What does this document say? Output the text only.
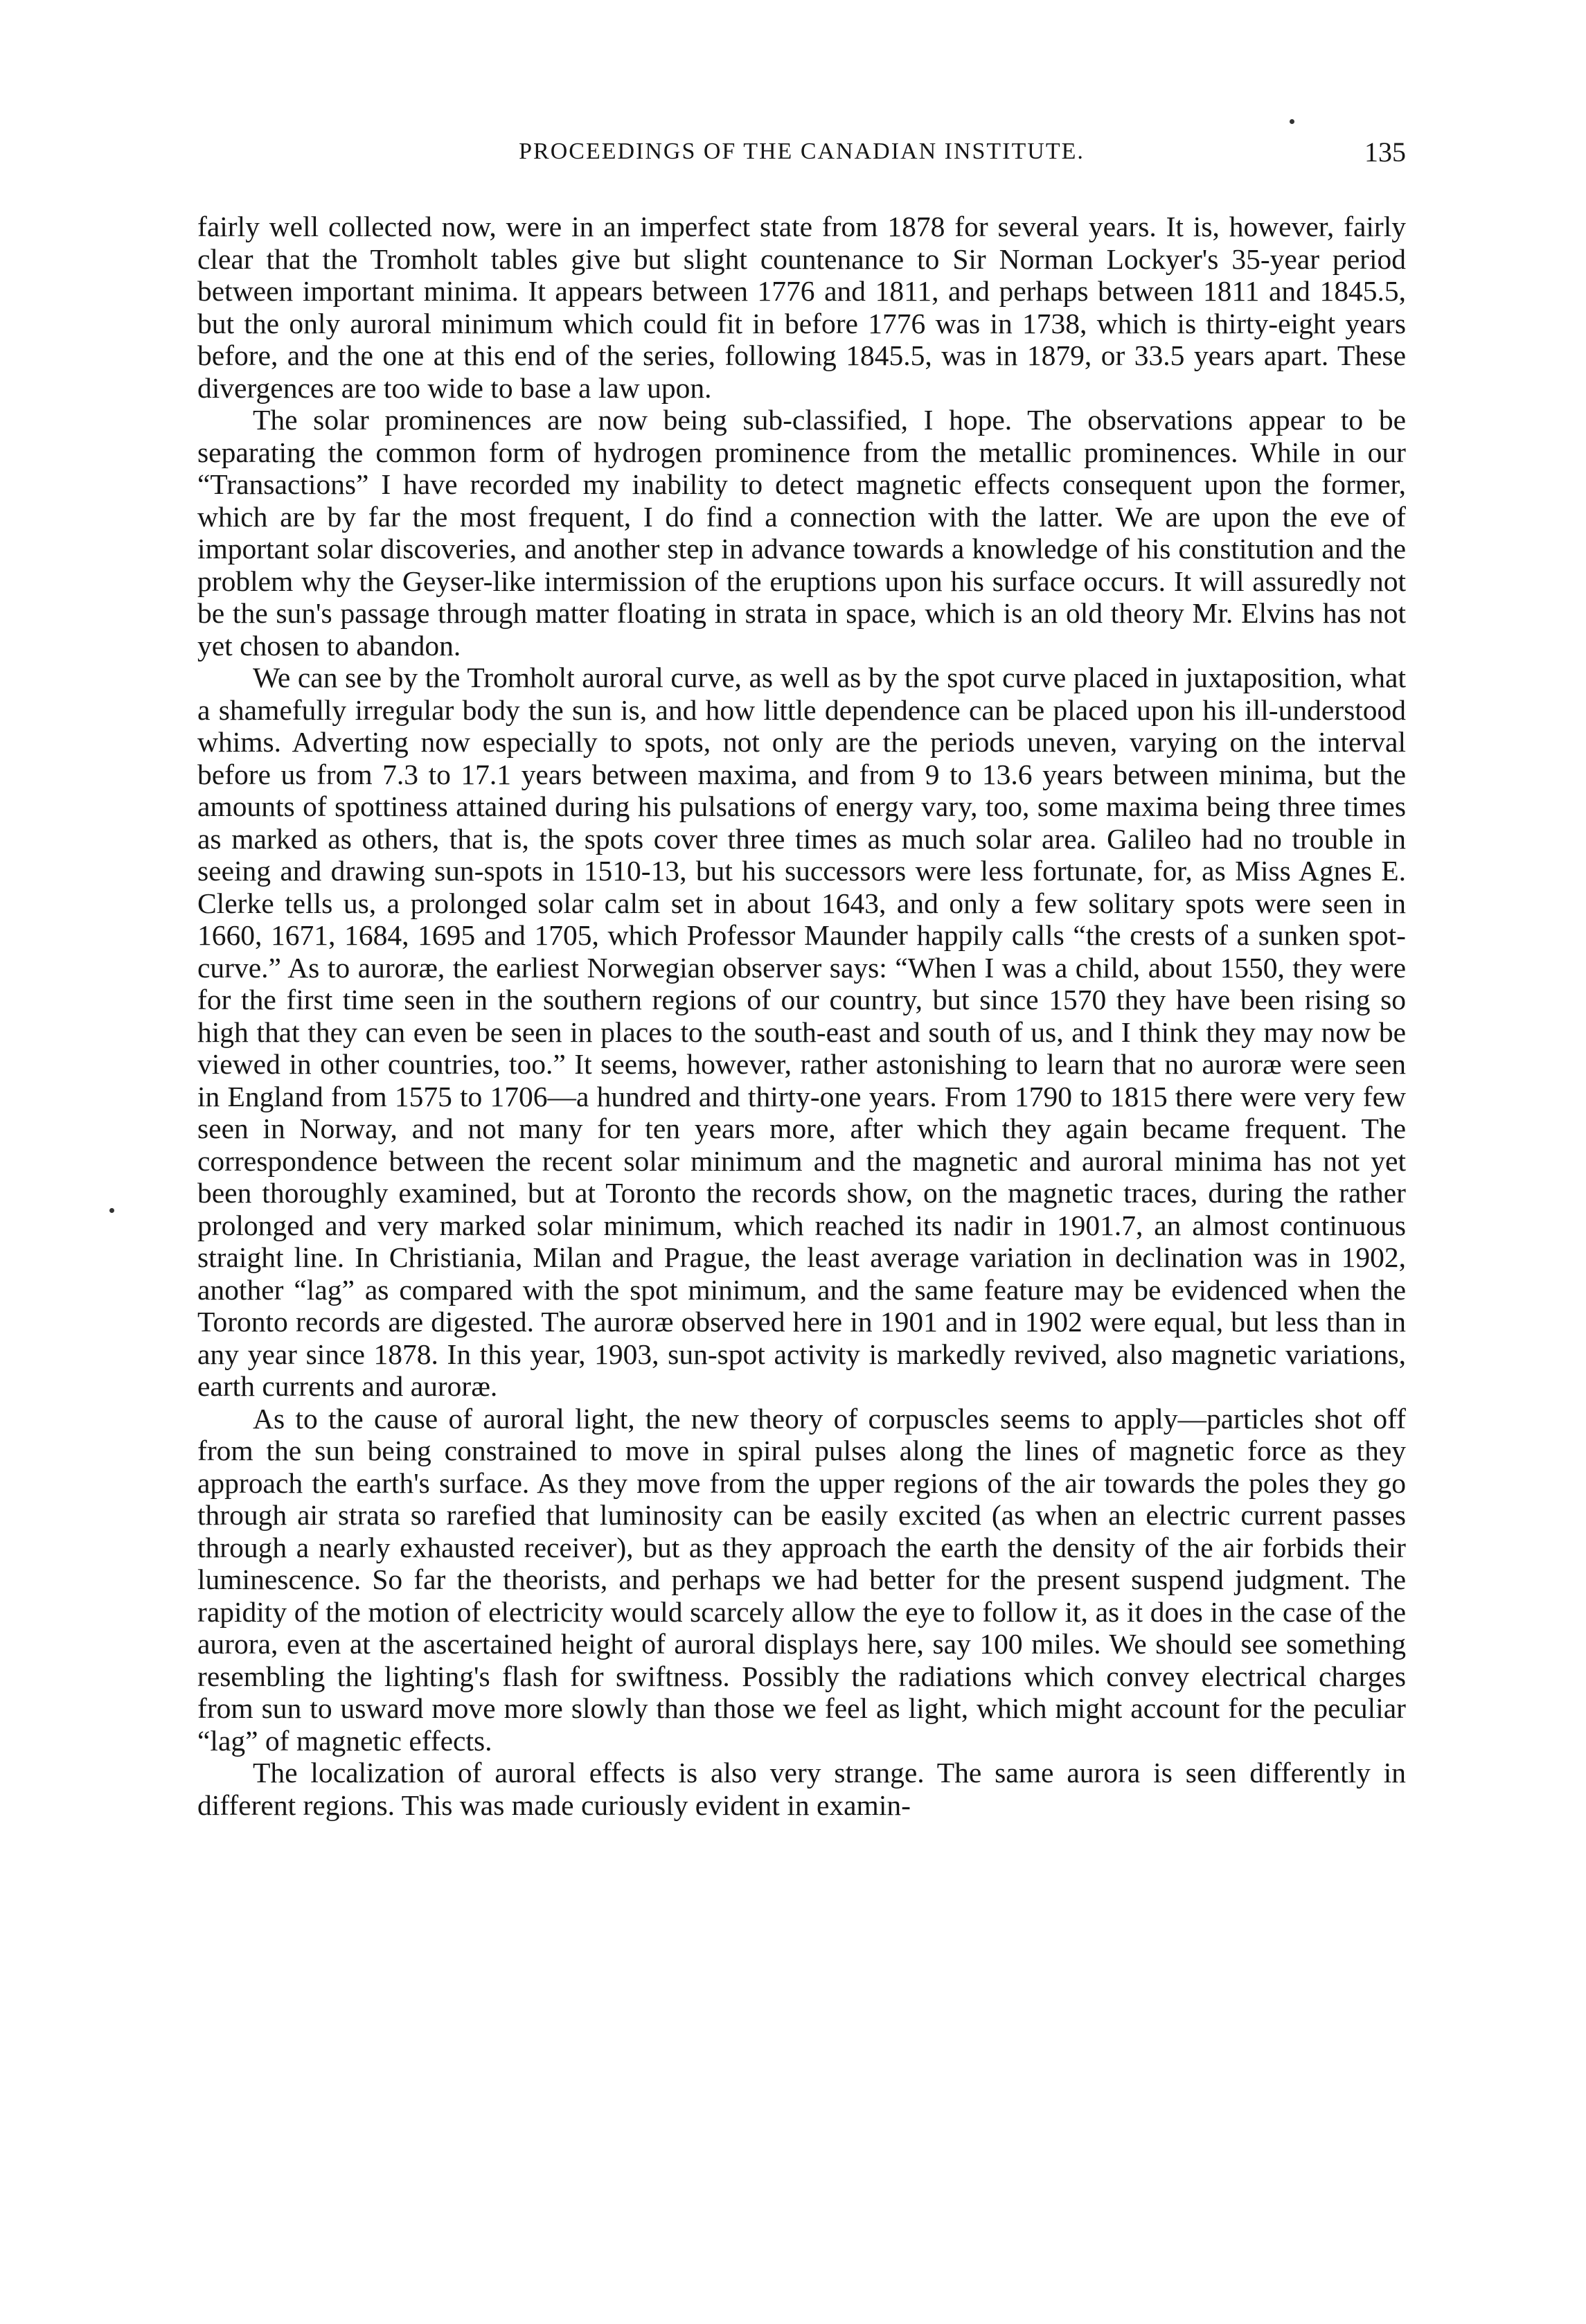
PROCEEDINGS OF THE CANADIAN INSTITUTE.	135

fairly well collected now, were in an imperfect state from 1878 for several years. It is, however, fairly clear that the Tromholt tables give but slight countenance to Sir Norman Lockyer's 35-year period between important minima. It appears between 1776 and 1811, and perhaps between 1811 and 1845.5, but the only auroral minimum which could fit in before 1776 was in 1738, which is thirty-eight years before, and the one at this end of the series, following 1845.5, was in 1879, or 33.5 years apart. These divergences are too wide to base a law upon.

The solar prominences are now being sub-classified, I hope. The observations appear to be separating the common form of hydrogen prominence from the metallic prominences. While in our “Transactions” I have recorded my inability to detect magnetic effects consequent upon the former, which are by far the most frequent, I do find a connection with the latter. We are upon the eve of important solar discoveries, and another step in advance towards a knowledge of his constitution and the problem why the Geyser-like intermission of the eruptions upon his surface occurs. It will assuredly not be the sun's passage through matter floating in strata in space, which is an old theory Mr. Elvins has not yet chosen to abandon.

We can see by the Tromholt auroral curve, as well as by the spot curve placed in juxtaposition, what a shamefully irregular body the sun is, and how little dependence can be placed upon his ill-understood whims. Adverting now especially to spots, not only are the periods uneven, varying on the interval before us from 7.3 to 17.1 years between maxima, and from 9 to 13.6 years between minima, but the amounts of spottiness attained during his pulsations of energy vary, too, some maxima being three times as marked as others, that is, the spots cover three times as much solar area. Galileo had no trouble in seeing and drawing sun-spots in 1510-13, but his successors were less fortunate, for, as Miss Agnes E. Clerke tells us, a prolonged solar calm set in about 1643, and only a few solitary spots were seen in 1660, 1671, 1684, 1695 and 1705, which Professor Maunder happily calls “the crests of a sunken spot-curve.” As to auroræ, the earliest Norwegian observer says: “When I was a child, about 1550, they were for the first time seen in the southern regions of our country, but since 1570 they have been rising so high that they can even be seen in places to the south-east and south of us, and I think they may now be viewed in other countries, too.” It seems, however, rather astonishing to learn that no auroræ were seen in England from 1575 to 1706—a hundred and thirty-one years. From 1790 to 1815 there were very few seen in Norway, and not many for ten years more, after which they again became frequent. The correspondence between the recent solar minimum and the magnetic and auroral minima has not yet been thoroughly examined, but at Toronto the records show, on the magnetic traces, during the rather prolonged and very marked solar minimum, which reached its nadir in 1901.7, an almost continuous straight line. In Christiania, Milan and Prague, the least average variation in declination was in 1902, another “lag” as compared with the spot minimum, and the same feature may be evidenced when the Toronto records are digested. The auroræ observed here in 1901 and in 1902 were equal, but less than in any year since 1878. In this year, 1903, sun-spot activity is markedly revived, also magnetic variations, earth currents and auroræ.

As to the cause of auroral light, the new theory of corpuscles seems to apply—particles shot off from the sun being constrained to move in spiral pulses along the lines of magnetic force as they approach the earth's surface. As they move from the upper regions of the air towards the poles they go through air strata so rarefied that luminosity can be easily excited (as when an electric current passes through a nearly exhausted receiver), but as they approach the earth the density of the air forbids their luminescence. So far the theorists, and perhaps we had better for the present suspend judgment. The rapidity of the motion of electricity would scarcely allow the eye to follow it, as it does in the case of the aurora, even at the ascertained height of auroral displays here, say 100 miles. We should see something resembling the lighting's flash for swiftness. Possibly the radiations which convey electrical charges from sun to usward move more slowly than those we feel as light, which might account for the peculiar “lag” of magnetic effects.

The localization of auroral effects is also very strange. The same aurora is seen differently in different regions. This was made curiously evident in examin-
